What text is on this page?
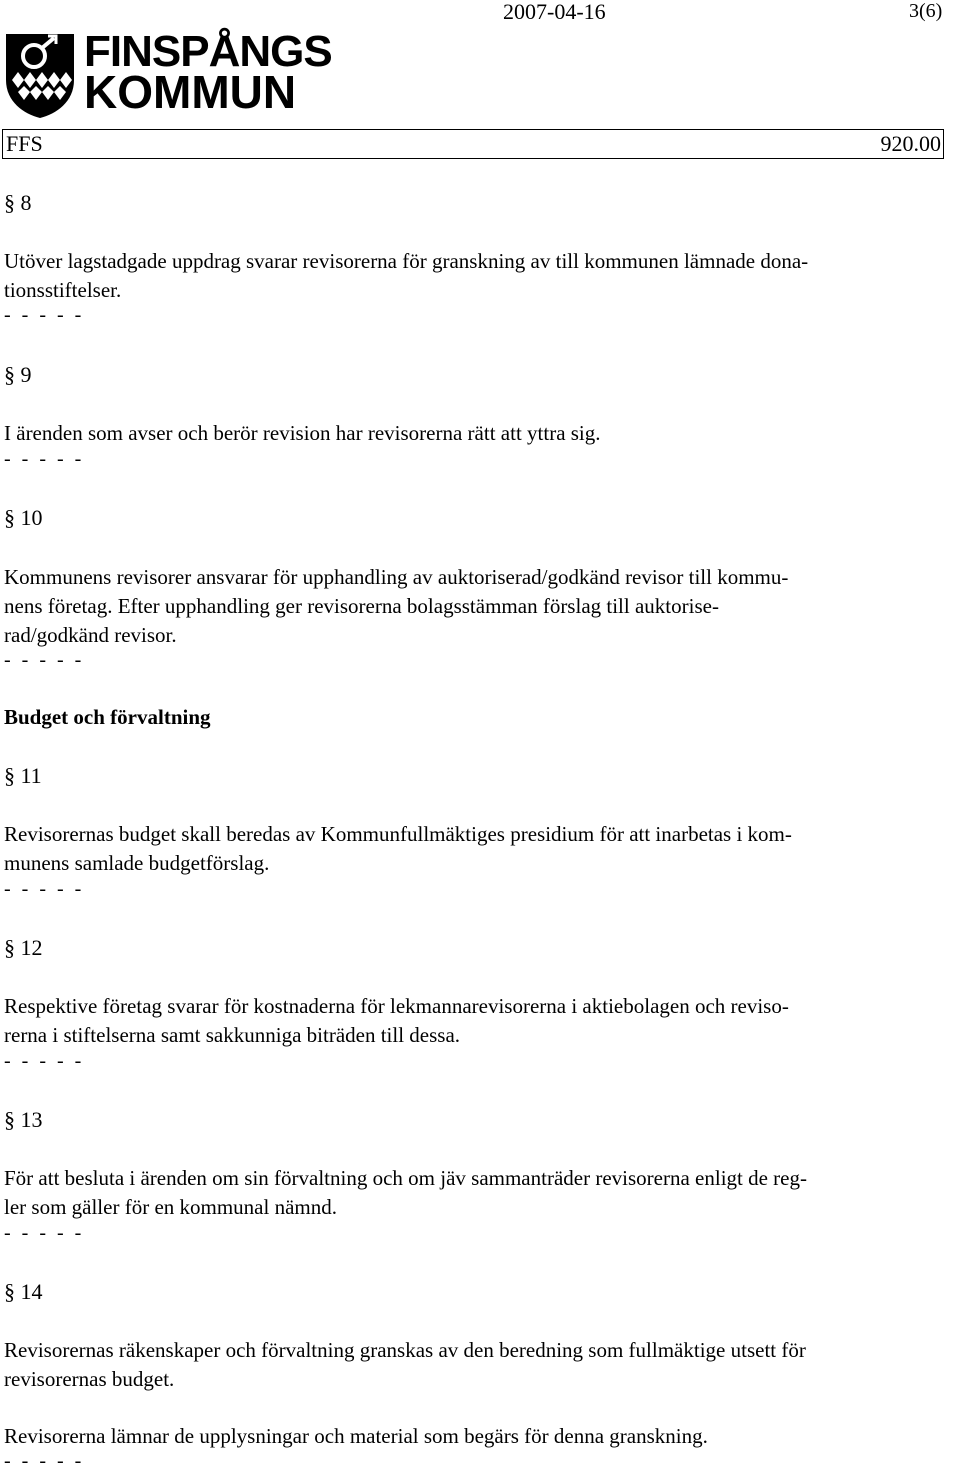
2007-04-16	3(6)
FINSPÅNGS
KOMMUN
FFS	920.00
§ 8
Utöver lagstadgade uppdrag svarar revisorerna för granskning av till kommunen lämnade dona-
tionsstiftelser.
- - - - -
§ 9
I ärenden som avser och berör revision har revisorerna rätt att yttra sig.
- - - - -
§ 10
Kommunens revisorer ansvarar för upphandling av auktoriserad/godkänd revisor till kommu-
nens företag. Efter upphandling ger revisorerna bolagsstämman förslag till auktorise-
rad/godkänd revisor.
- - - - -
Budget och förvaltning
§ 11
Revisorernas budget skall beredas av Kommunfullmäktiges presidium för att inarbetas i kom-
munens samlade budgetförslag.
- - - - -
§ 12
Respektive företag svarar för kostnaderna för lekmannarevisorerna i aktiebolagen och reviso-
rerna i stiftelserna samt sakkunniga biträden till dessa.
- - - - -
§ 13
För att besluta i ärenden om sin förvaltning och om jäv sammanträder revisorerna enligt de reg-
ler som gäller för en kommunal nämnd.
- - - - -
§ 14
Revisorernas räkenskaper och förvaltning granskas av den beredning som fullmäktige utsett för
revisorernas budget.
Revisorerna lämnar de upplysningar och material som begärs för denna granskning.
- - - - -
